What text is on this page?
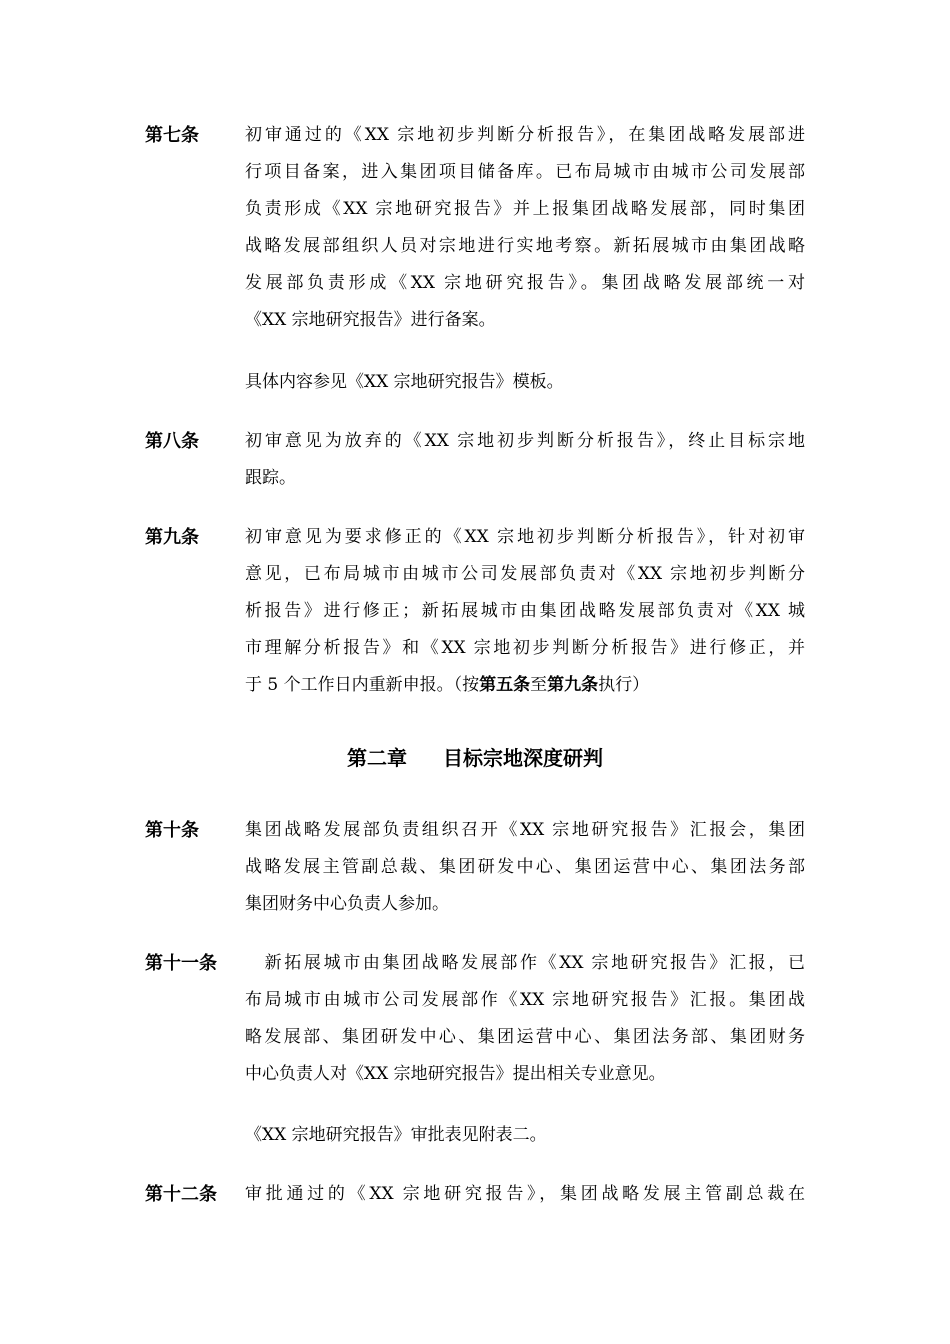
第七条	初审通过的《XX 宗地初步判断分析报告》，在集团战略发展部进
行项目备案，进入集团项目储备库。已布局城市由城市公司发展部
负责形成《XX 宗地研究报告》并上报集团战略发展部，同时集团
战略发展部组织人员对宗地进行实地考察。新拓展城市由集团战略
发展部负责形成《XX 宗地研究报告》。集团战略发展部统一对
《XX 宗地研究报告》进行备案。
具体内容参见《XX 宗地研究报告》模板。
第八条	初审意见为放弃的《XX 宗地初步判断分析报告》，终止目标宗地
跟踪。
第九条	初审意见为要求修正的《XX 宗地初步判断分析报告》，针对初审
意见，已布局城市由城市公司发展部负责对《XX 宗地初步判断分
析报告》进行修正；新拓展城市由集团战略发展部负责对《XX 城
市理解分析报告》和《XX 宗地初步判断分析报告》进行修正，并
于 5 个工作日内重新申报。（按第五条至第九条执行）
第二章 目标宗地深度研判
第十条	集团战略发展部负责组织召开《XX 宗地研究报告》汇报会，集团
战略发展主管副总裁、集团研发中心、集团运营中心、集团法务部
集团财务中心负责人参加。
第十一条 　新拓展城市由集团战略发展部作《XX 宗地研究报告》汇报，已
布局城市由城市公司发展部作《XX 宗地研究报告》汇报。集团战
略发展部、集团研发中心、集团运营中心、集团法务部、集团财务
中心负责人对《XX 宗地研究报告》提出相关专业意见。
《XX 宗地研究报告》审批表见附表二。
第十二条 审批通过的《XX 宗地研究报告》，集团战略发展主管副总裁在
